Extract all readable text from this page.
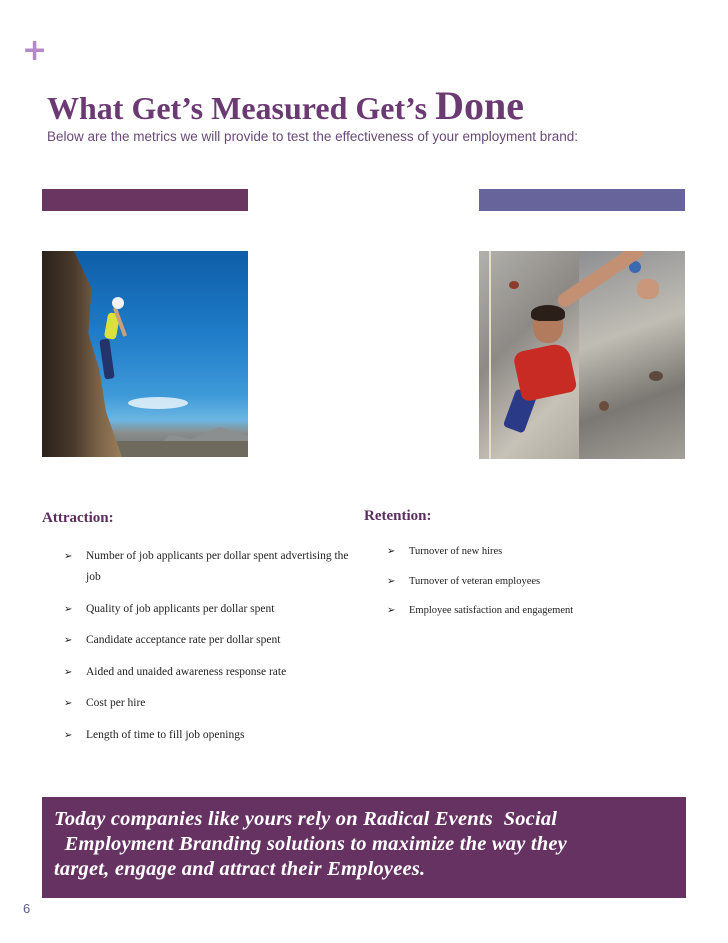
+
What Get’s Measured Get’s Done
Below are the metrics we will provide to test the effectiveness of your employment brand:
Attraction:
➢ Number of job applicants per dollar spent advertising the job
➢ Quality of job applicants per dollar spent
➢ Candidate acceptance rate per dollar spent
➢ Aided and unaided awareness response rate
➢ Cost per hire
➢ Length of time to fill job openings
Retention:
➢ Turnover of new hires
➢ Turnover of veteran employees
➢ Employee satisfaction and engagement

Today companies like yours rely on Radical Events  Social
Employment Branding solutions to maximize the way they
target, engage and attract their Employees.

6
